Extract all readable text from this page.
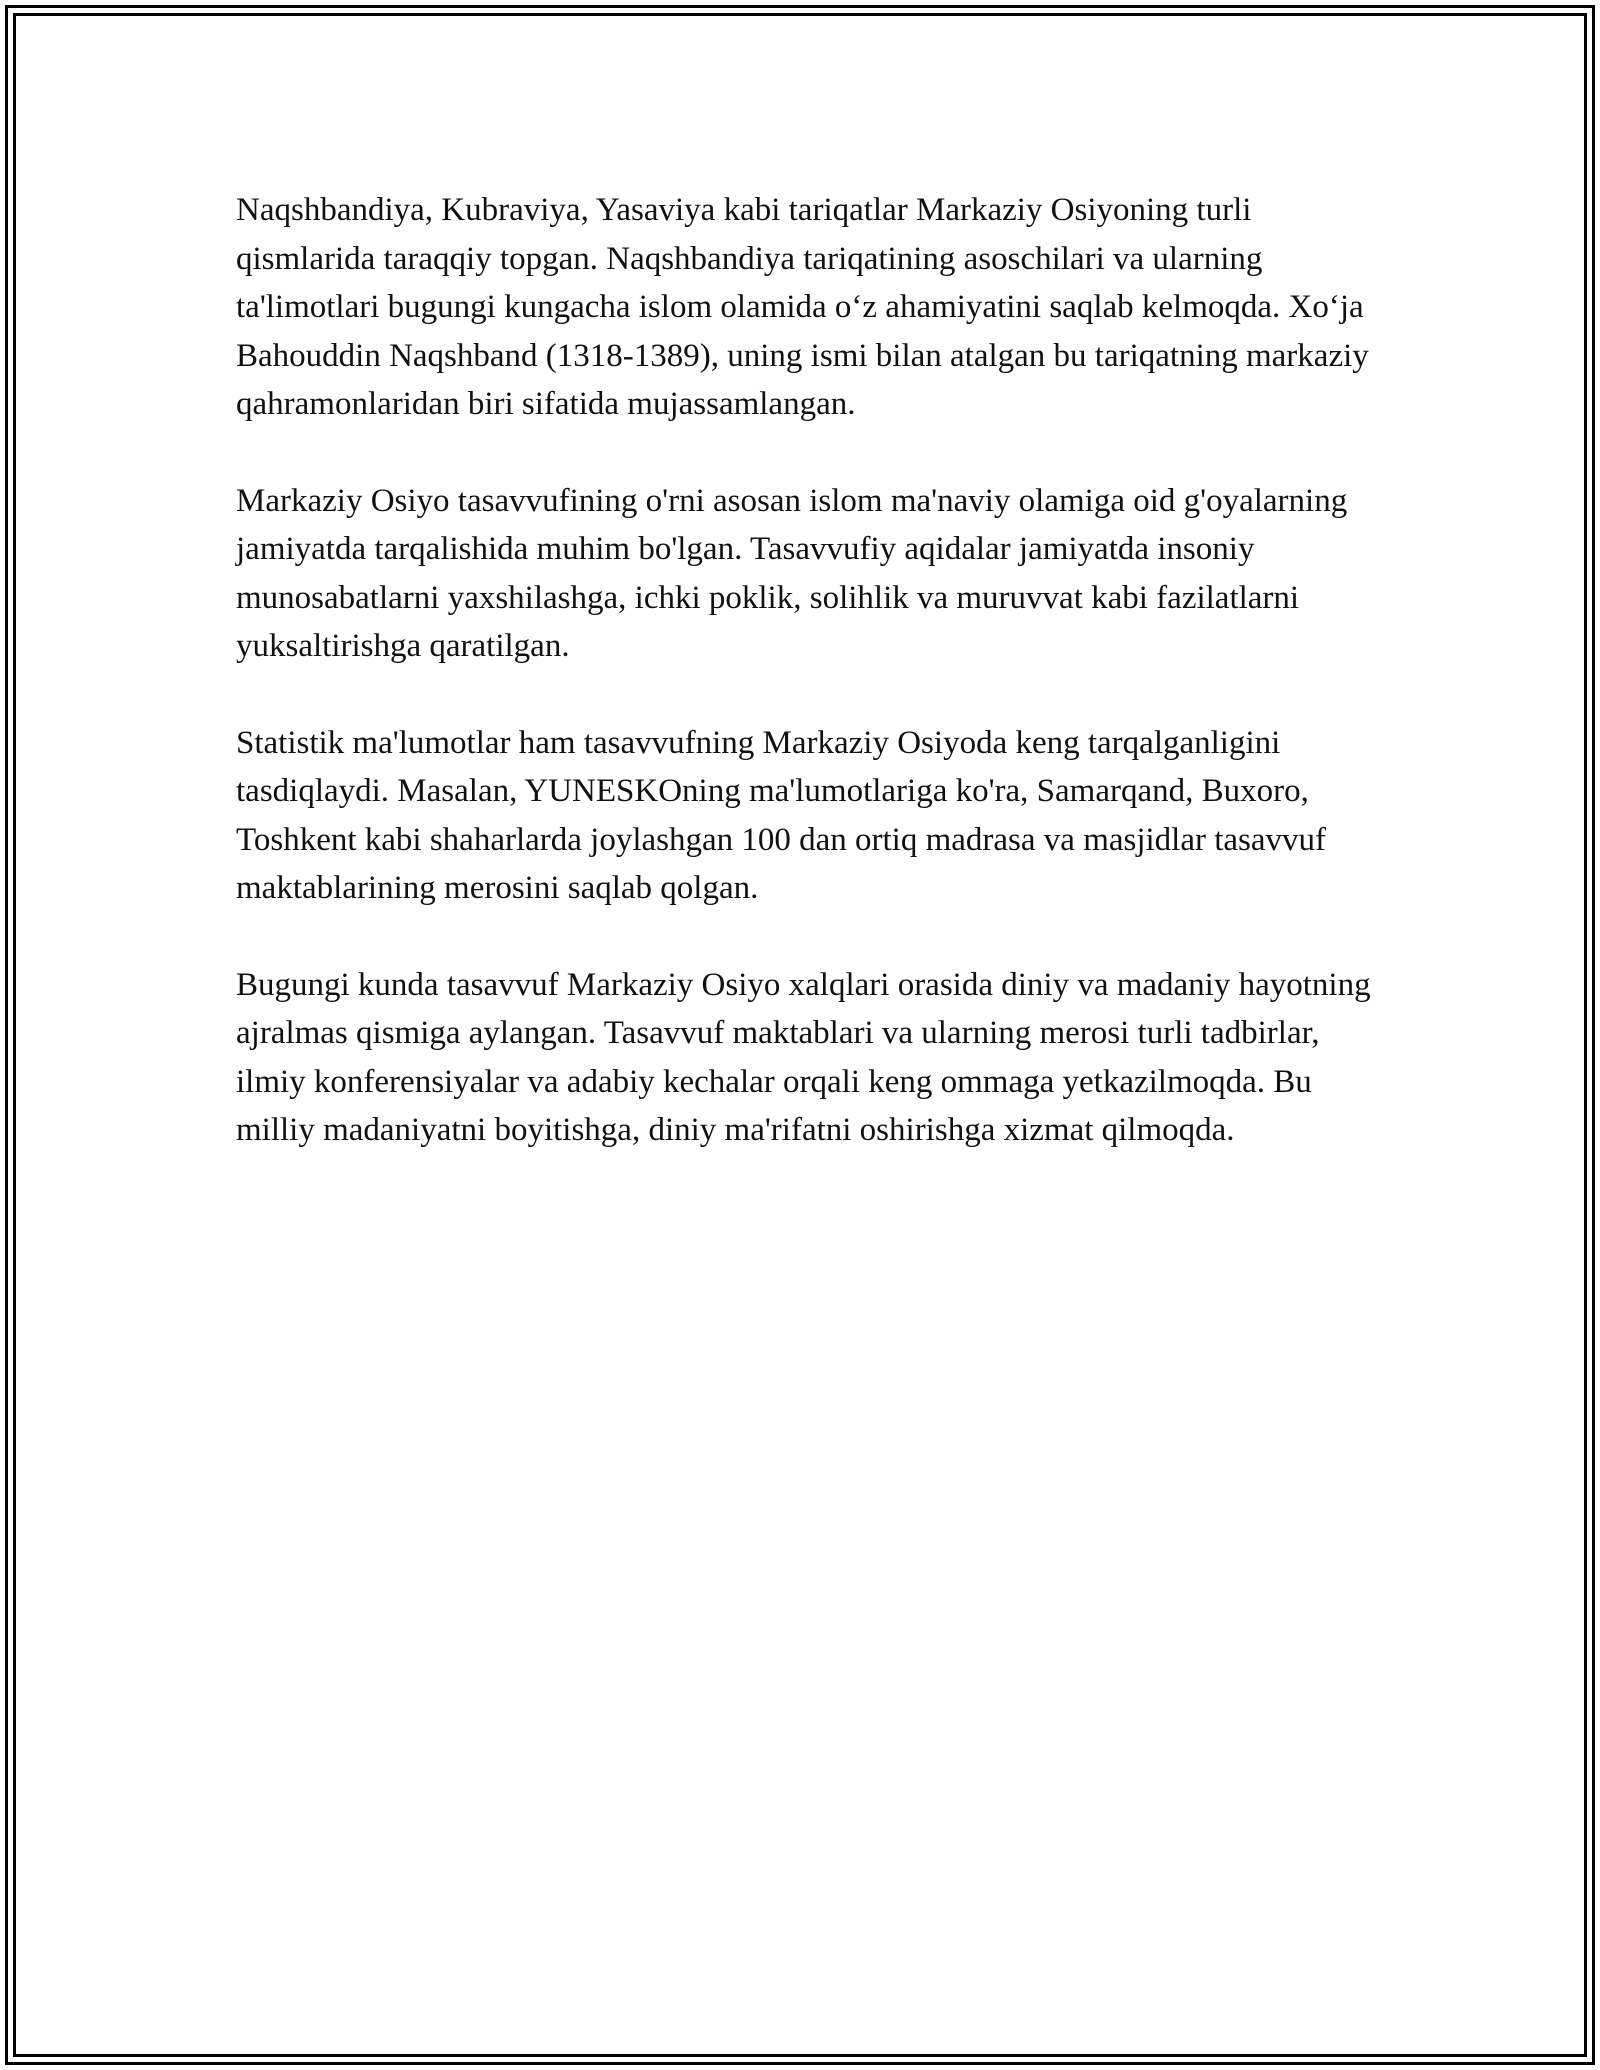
Naqshbandiya, Kubraviya, Yasaviya kabi tariqatlar Markaziy Osiyoning turli qismlarida taraqqiy topgan. Naqshbandiya tariqatining asoschilari va ularning ta'limotlari bugungi kungacha islom olamida o‘z ahamiyatini saqlab kelmoqda. Xo‘ja Bahouddin Naqshband (1318-1389), uning ismi bilan atalgan bu tariqatning markaziy qahramonlaridan biri sifatida mujassamlangan.

Markaziy Osiyo tasavvufining o'rni asosan islom ma'naviy olamiga oid g'oyalarning jamiyatda tarqalishida muhim bo'lgan. Tasavvufiy aqidalar jamiyatda insoniy munosabatlarni yaxshilashga, ichki poklik, solihlik va muruvvat kabi fazilatlarni yuksaltirishga qaratilgan.

Statistik ma'lumotlar ham tasavvufning Markaziy Osiyoda keng tarqalganligini tasdiqlaydi. Masalan, YUNESKOning ma'lumotlariga ko'ra, Samarqand, Buxoro, Toshkent kabi shaharlarda joylashgan 100 dan ortiq madrasa va masjidlar tasavvuf maktablarining merosini saqlab qolgan.

Bugungi kunda tasavvuf Markaziy Osiyo xalqlari orasida diniy va madaniy hayotning ajralmas qismiga aylangan. Tasavvuf maktablari va ularning merosi turli tadbirlar, ilmiy konferensiyalar va adabiy kechalar orqali keng ommaga yetkazilmoqda. Bu milliy madaniyatni boyitishga, diniy ma'rifatni oshirishga xizmat qilmoqda.
